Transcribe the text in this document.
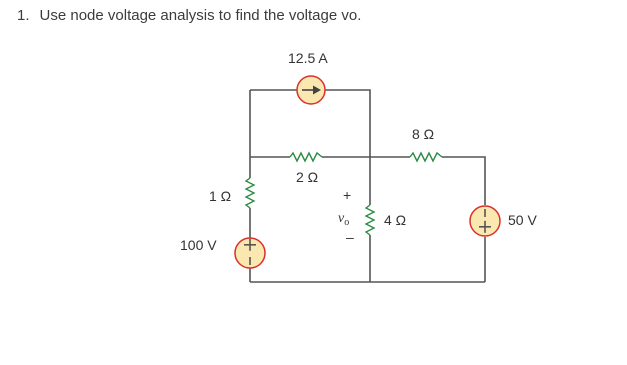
1. Use node voltage analysis to find the voltage vo.
12.5 A
2 Ω
8 Ω
4 Ω
1 Ω
100 V
50 V
+
$v_o$
–
